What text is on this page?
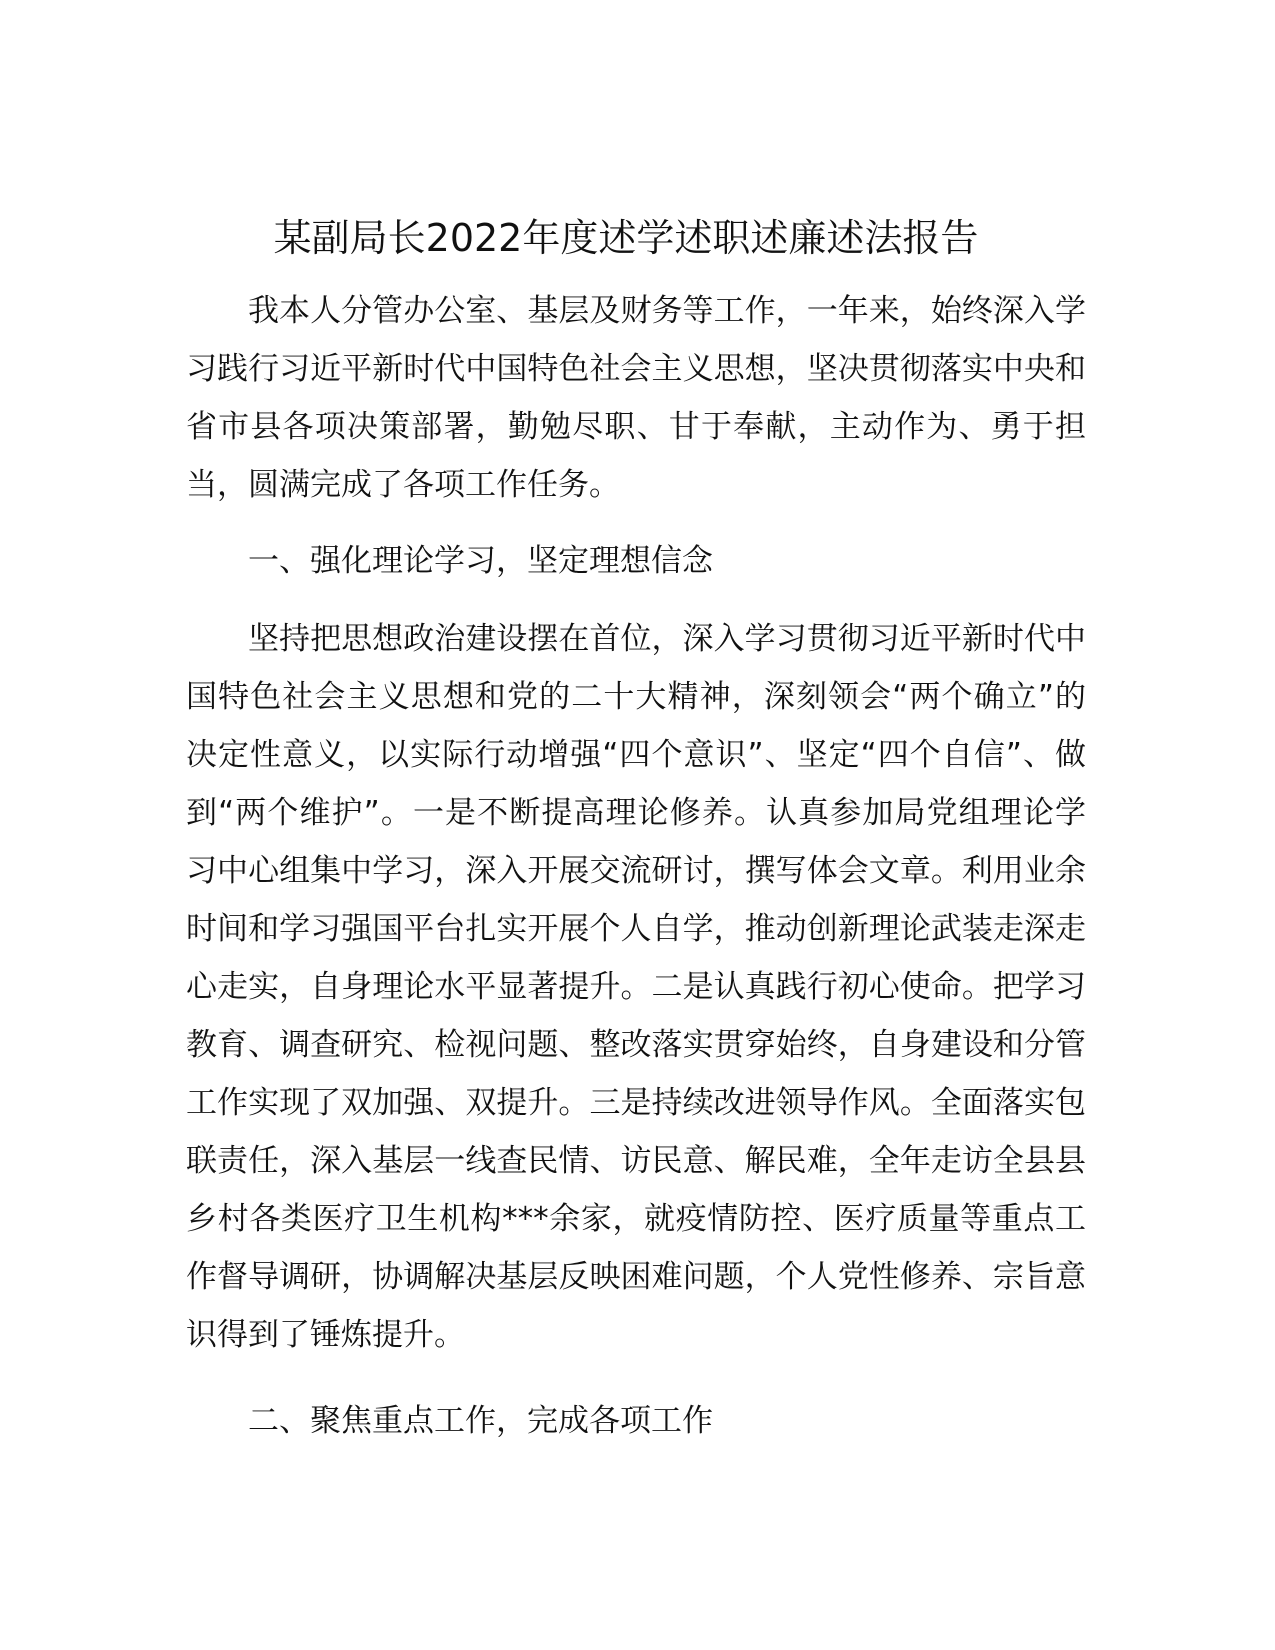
某副局长2022年度述学述职述廉述法报告

我本人分管办公室、基层及财务等工作，一年来，始终深入学习践行习近平新时代中国特色社会主义思想，坚决贯彻落实中央和省市县各项决策部署，勤勉尽职、甘于奉献，主动作为、勇于担当，圆满完成了各项工作任务。

一、强化理论学习，坚定理想信念

坚持把思想政治建设摆在首位，深入学习贯彻习近平新时代中国特色社会主义思想和党的二十大精神，深刻领会“两个确立”的决定性意义，以实际行动增强“四个意识”、坚定“四个自信”、做到“两个维护”。一是不断提高理论修养。认真参加局党组理论学习中心组集中学习，深入开展交流研讨，撰写体会文章。利用业余时间和学习强国平台扎实开展个人自学，推动创新理论武装走深走心走实，自身理论水平显著提升。二是认真践行初心使命。把学习教育、调查研究、检视问题、整改落实贯穿始终，自身建设和分管工作实现了双加强、双提升。三是持续改进领导作风。全面落实包联责任，深入基层一线查民情、访民意、解民难，全年走访全县县乡村各类医疗卫生机构***余家，就疫情防控、医疗质量等重点工作督导调研，协调解决基层反映困难问题，个人党性修养、宗旨意识得到了锤炼提升。

二、聚焦重点工作，完成各项工作
